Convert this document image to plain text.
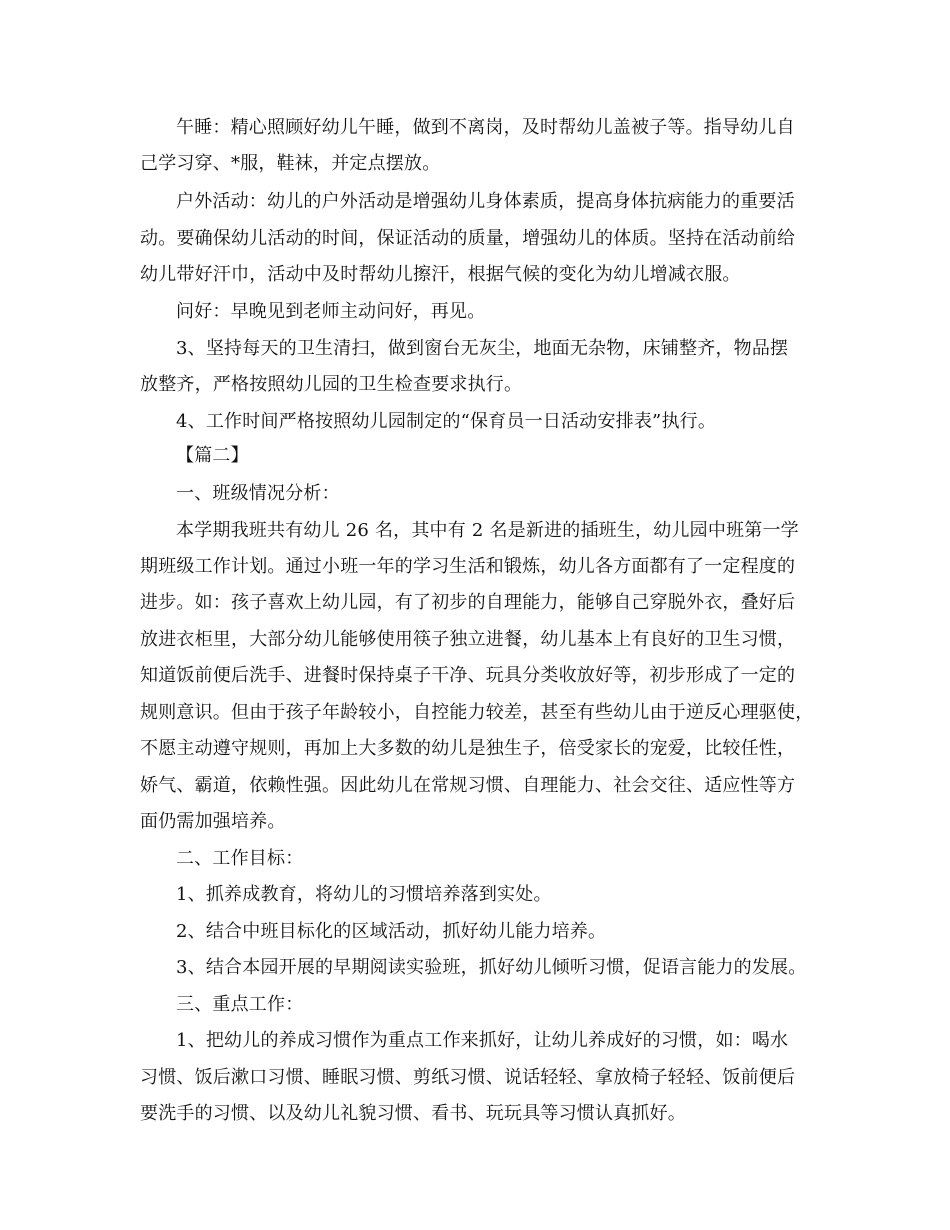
午睡：精心照顾好幼儿午睡，做到不离岗，及时帮幼儿盖被子等。指导幼儿自
己学习穿、*服，鞋袜，并定点摆放。
户外活动：幼儿的户外活动是增强幼儿身体素质，提高身体抗病能力的重要活
动。要确保幼儿活动的时间，保证活动的质量，增强幼儿的体质。坚持在活动前给
幼儿带好汗巾，活动中及时帮幼儿擦汗，根据气候的变化为幼儿增减衣服。
问好：早晚见到老师主动问好，再见。
3、坚持每天的卫生清扫，做到窗台无灰尘，地面无杂物，床铺整齐，物品摆
放整齐，严格按照幼儿园的卫生检查要求执行。
4、工作时间严格按照幼儿园制定的“保育员一日活动安排表”执行。
【篇二】
一、班级情况分析：
本学期我班共有幼儿 26 名，其中有 2 名是新进的插班生，幼儿园中班第一学
期班级工作计划。通过小班一年的学习生活和锻炼，幼儿各方面都有了一定程度的
进步。如：孩子喜欢上幼儿园，有了初步的自理能力，能够自己穿脱外衣，叠好后
放进衣柜里，大部分幼儿能够使用筷子独立进餐，幼儿基本上有良好的卫生习惯，
知道饭前便后洗手、进餐时保持桌子干净、玩具分类收放好等，初步形成了一定的
规则意识。但由于孩子年龄较小，自控能力较差，甚至有些幼儿由于逆反心理驱使，
不愿主动遵守规则，再加上大多数的幼儿是独生子，倍受家长的宠爱，比较任性，
娇气、霸道，依赖性强。因此幼儿在常规习惯、自理能力、社会交往、适应性等方
面仍需加强培养。
二、工作目标：
1、抓养成教育，将幼儿的习惯培养落到实处。
2、结合中班目标化的区域活动，抓好幼儿能力培养。
3、结合本园开展的早期阅读实验班，抓好幼儿倾听习惯，促语言能力的发展。
三、重点工作：
1、把幼儿的养成习惯作为重点工作来抓好，让幼儿养成好的习惯，如：喝水
习惯、饭后漱口习惯、睡眠习惯、剪纸习惯、说话轻轻、拿放椅子轻轻、饭前便后
要洗手的习惯、以及幼儿礼貌习惯、看书、玩玩具等习惯认真抓好。
